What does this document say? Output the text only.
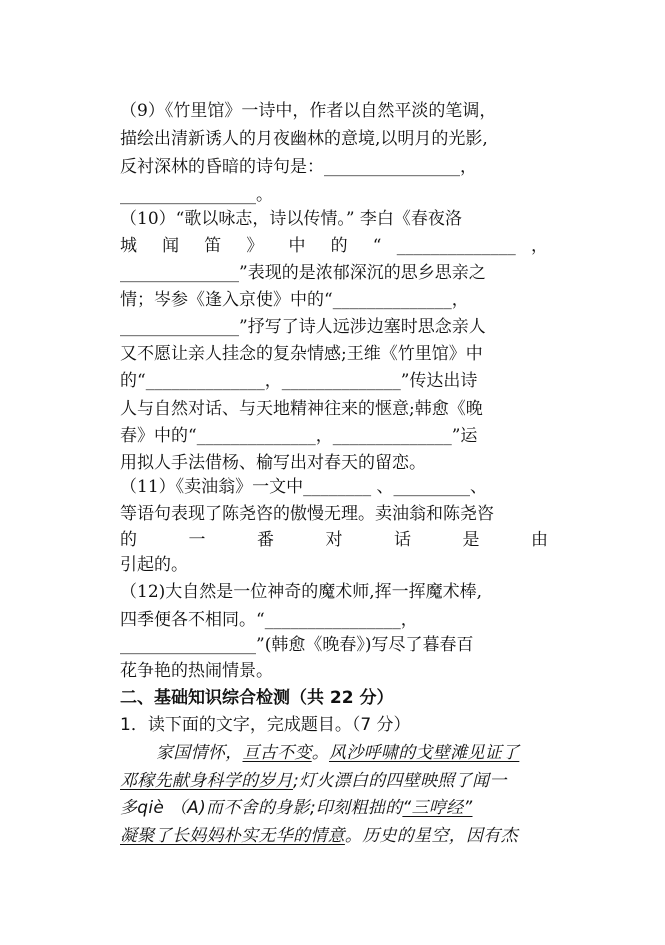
（9）《竹里馆》一诗中，作者以自然平淡的笔调，
描绘出清新诱人的月夜幽林的意境,以明月的光影,
反衬深林的昏暗的诗句是：________________，
________________。
（10）“歌以咏志，诗以传情。” 李白《春夜洛
城 闻 笛 》 中 的 “ ______________ ，
______________”表现的是浓郁深沉的思乡思亲之
情；岑参《逢入京使》中的“______________，
______________”抒写了诗人远涉边塞时思念亲人
又不愿让亲人挂念的复杂情感;王维《竹里馆》中
的“______________，______________”传达出诗
人与自然对话、与天地精神往来的惬意;韩愈《晚
春》中的“______________，______________”运
用拟人手法借杨、榆写出对春天的留恋。
（11）《卖油翁》一文中________ 、_________、
等语句表现了陈尧咨的傲慢无理。卖油翁和陈尧咨
的 一 番 对 话 是 由
引起的。
（12)大自然是一位神奇的魔术师,挥一挥魔术棒,
四季便各不相同。“________________，
________________”(韩愈《晚春》)写尽了暮春百
花争艳的热闹情景。
二、基础知识综合检测（共 22 分）
1．读下面的文字，完成题目。（7 分）
家国情怀，亘古不变。风沙呼啸的戈壁滩见证了
邓稼先献身科学的岁月;灯火漂白的四壁映照了闻一
多qiè （A)而不舍的身影;印刻粗拙的“三哼经”
凝聚了长妈妈朴实无华的情意。历史的星空，因有杰
